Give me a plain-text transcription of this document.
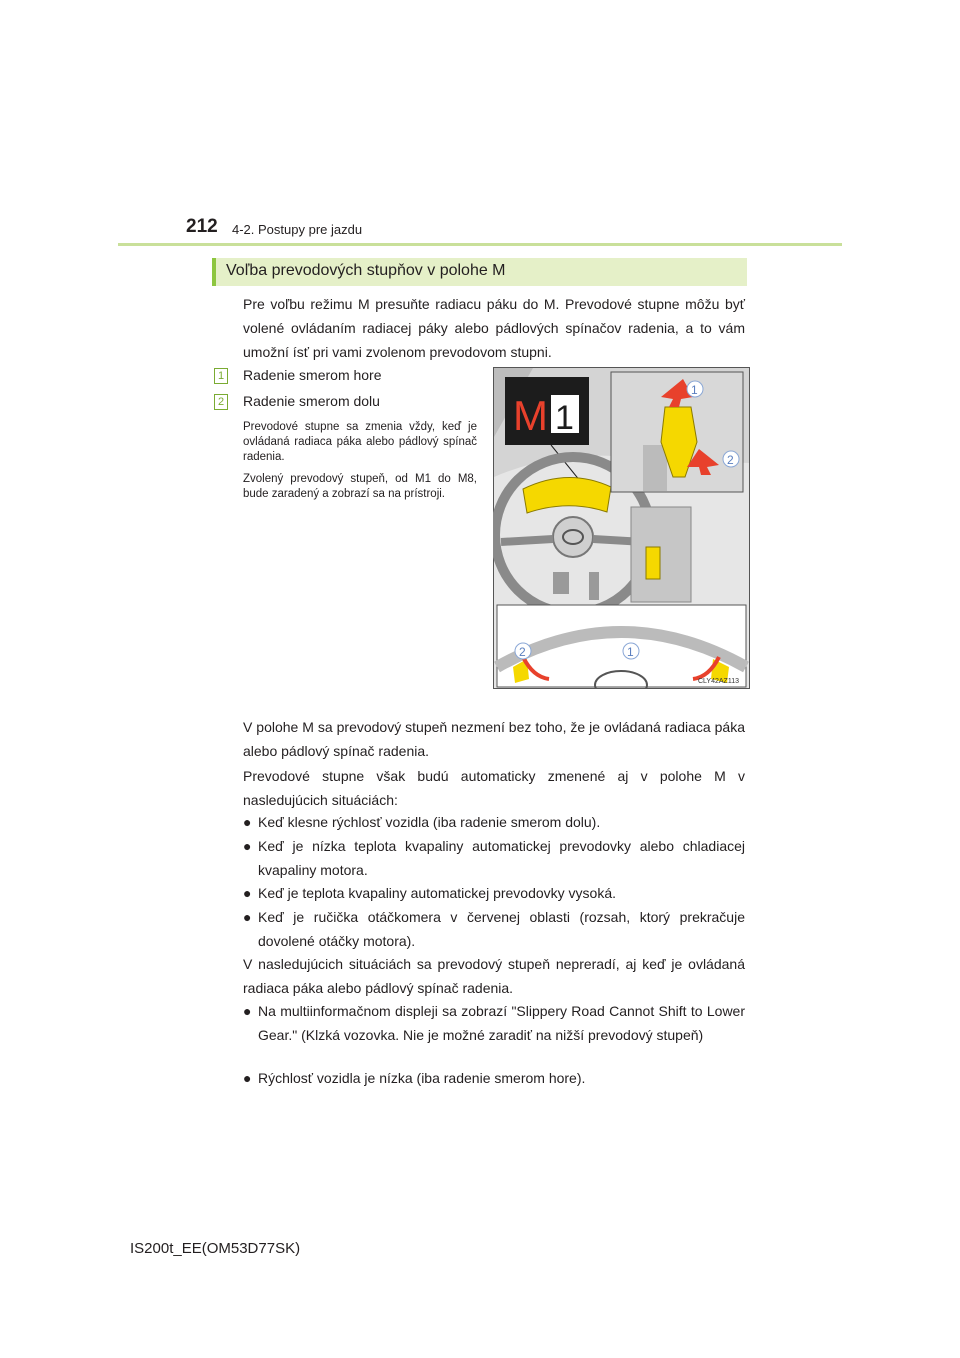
212 4-2. Postupy pre jazdu
Voľba prevodových stupňov v polohe M

Pre voľbu režimu M presuňte radiacu páku do M. Prevodové stupne môžu byť volené ovládaním radiacej páky alebo pádlových spínačov radenia, a to vám umožní ísť pri vami zvolenom prevodovom stupni.

1 Radenie smerom hore
2 Radenie smerom dolu

Prevodové stupne sa zmenia vždy, keď je ovládaná radiaca páka alebo pádlový spínač radenia.

Zvolený prevodový stupeň, od M1 do M8, bude zaradený a zobrazí sa na prístroji.

M 1
1
2
2	1
CLY42AZ113

V polohe M sa prevodový stupeň nezmení bez toho, že je ovládaná radiaca páka alebo pádlový spínač radenia.

Prevodové stupne však budú automaticky zmenené aj v polohe M v nasledujúcich situáciách:

● Keď klesne rýchlosť vozidla (iba radenie smerom dolu).

● Keď je nízka teplota kvapaliny automatickej prevodovky alebo chladiacej kvapaliny motora.

● Keď je teplota kvapaliny automatickej prevodovky vysoká.

● Keď je ručička otáčkomera v červenej oblasti (rozsah, ktorý prekračuje dovolené otáčky motora).

V nasledujúcich situáciách sa prevodový stupeň nepreradí, aj keď je ovládaná radiaca páka alebo pádlový spínač radenia.

● Na multiinformačnom displeji sa zobrazí "Slippery Road Cannot Shift to Lower Gear." (Klzká vozovka. Nie je možné zaradiť na nižší prevodový stupeň)

● Rýchlosť vozidla je nízka (iba radenie smerom hore).

IS200t_EE(OM53D77SK)
